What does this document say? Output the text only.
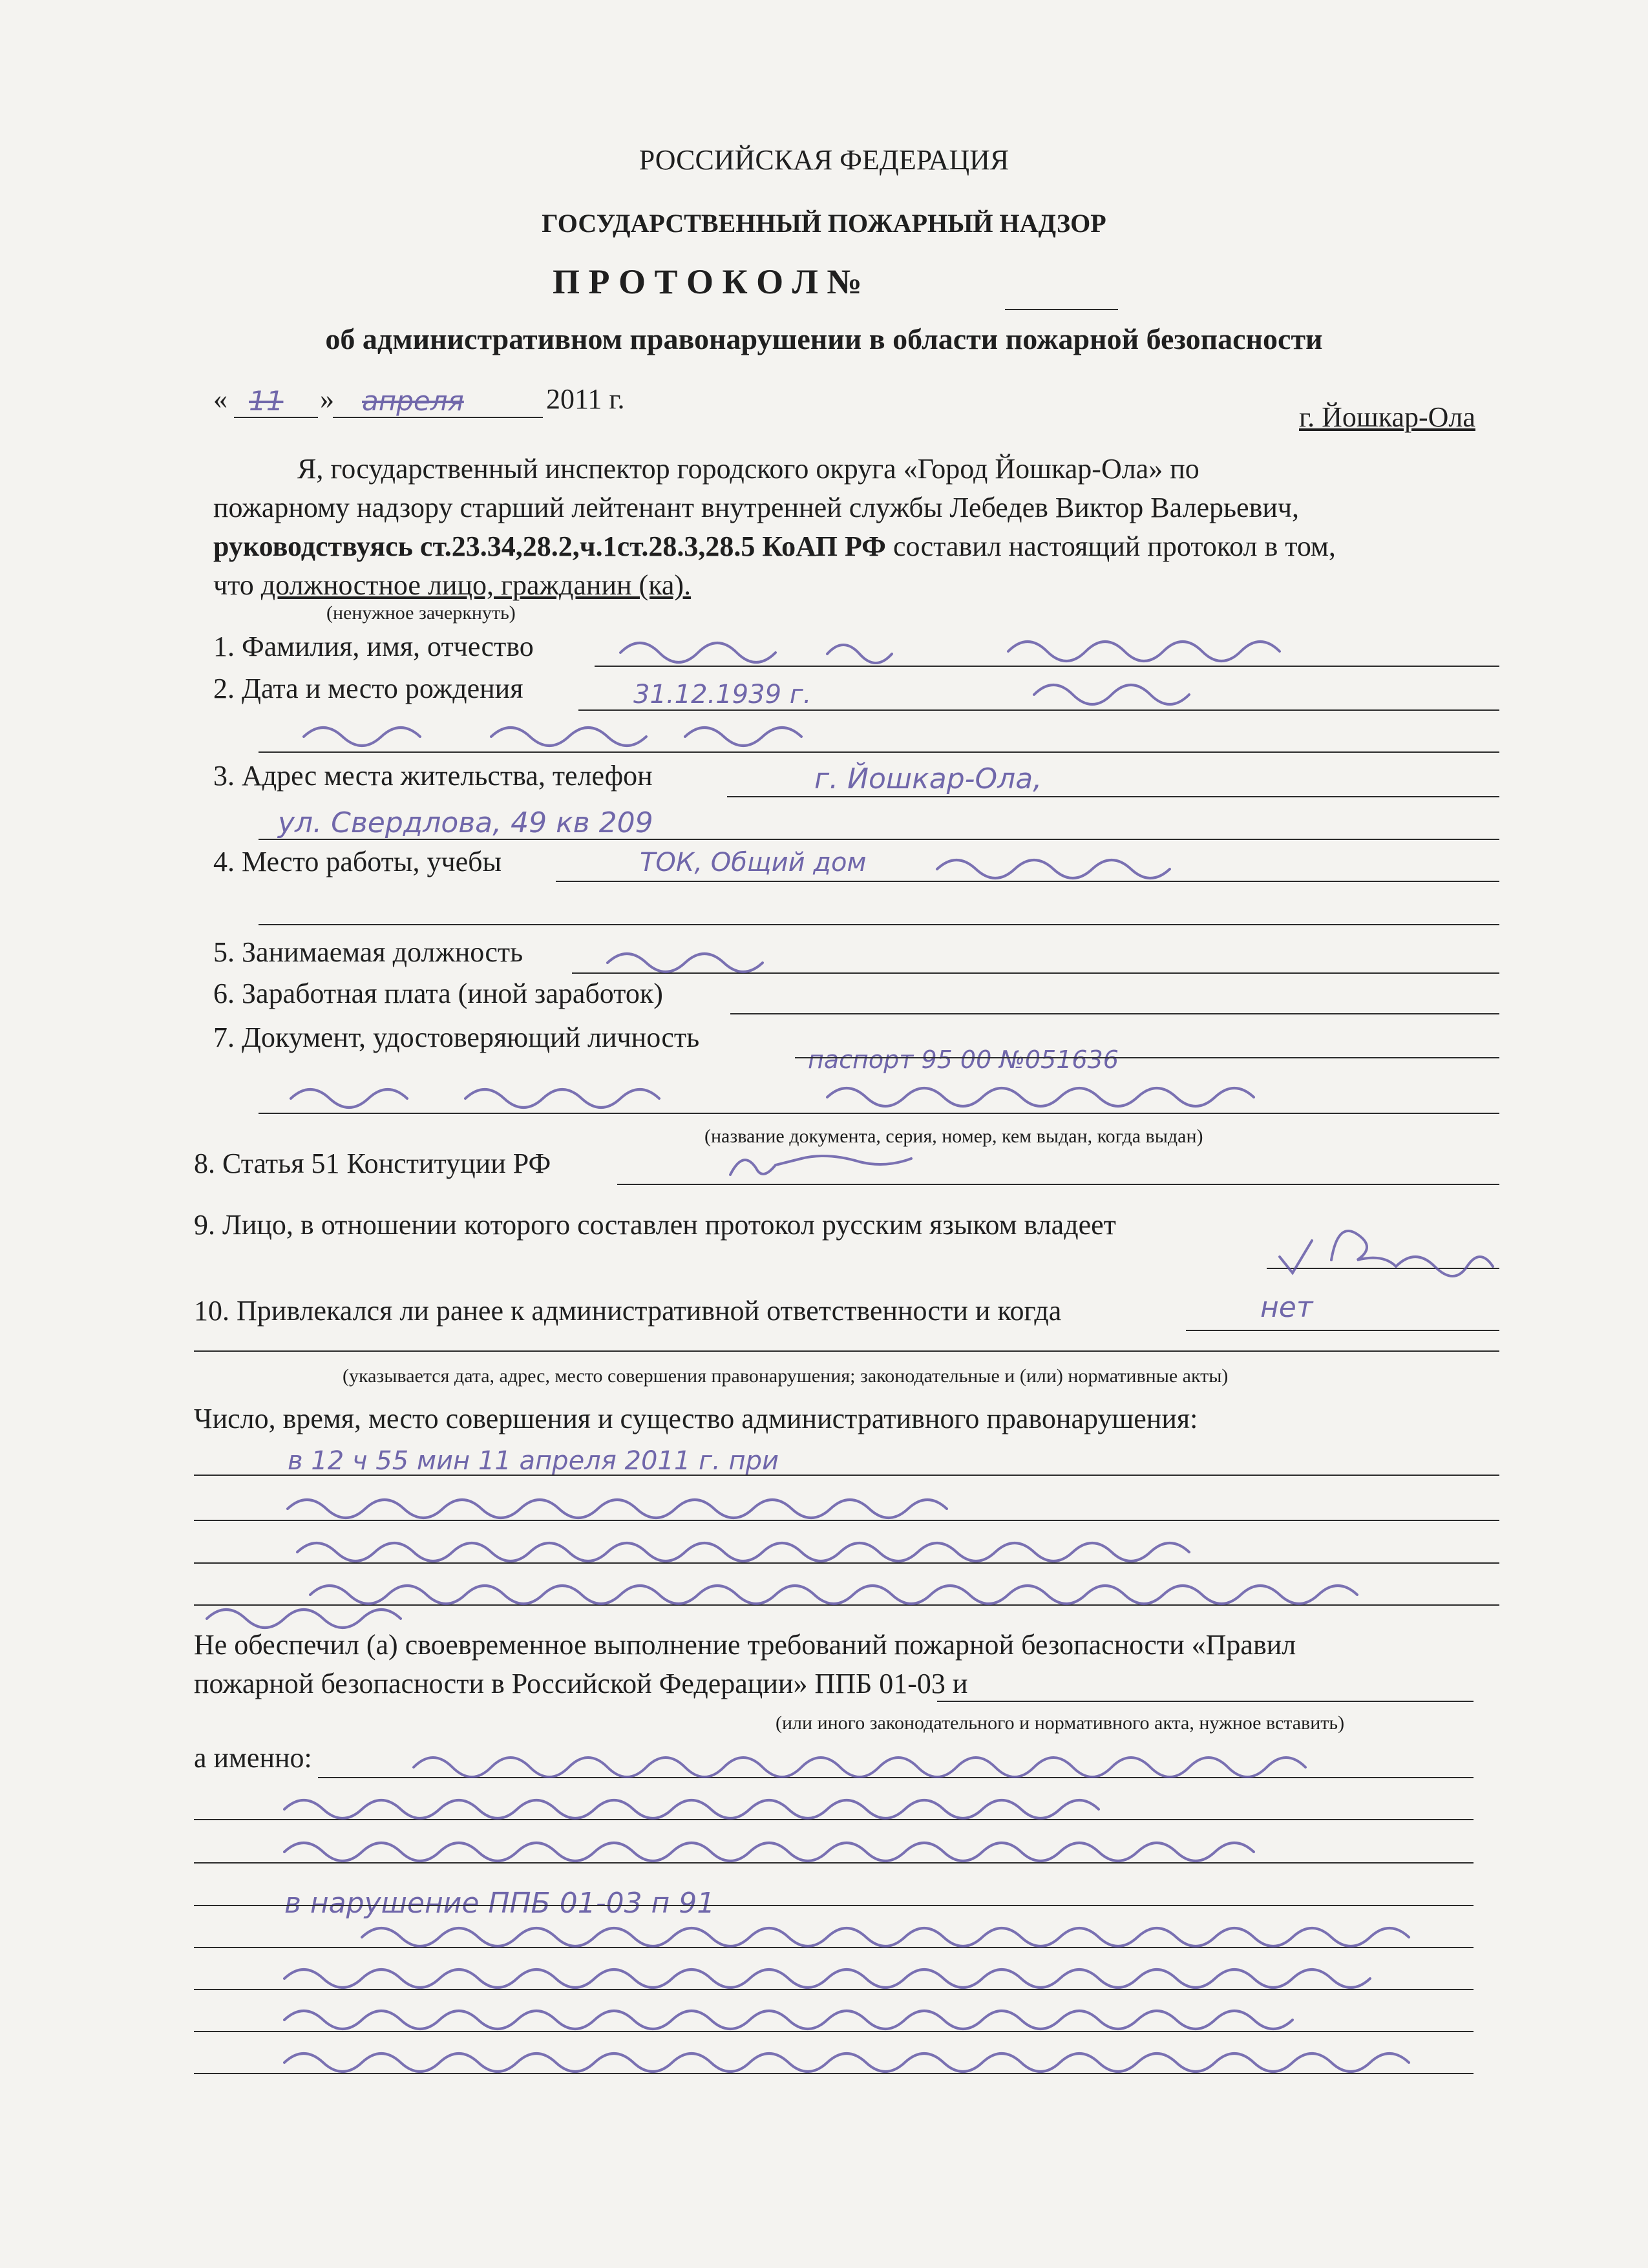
РОССИЙСКАЯ ФЕДЕРАЦИЯ
ГОСУДАРСТВЕННЫЙ ПОЖАРНЫЙ НАДЗОР
П Р О Т О К О Л №
об административном правонарушении в области пожарной безопасности
« 11 » апреля	2011 г.
г. Йошкар-Ола
Я, государственный инспектор городского округа «Город Йошкар-Ола» по
пожарному надзору старший лейтенант внутренней службы Лебедев Виктор Валерьевич,
руководствуясь ст.23.34,28.2,ч.1ст.28.3,28.5 КоАП РФ составил настоящий протокол в том,
что должностное лицо, гражданин (ка).
(ненужное зачеркнуть)
1. Фамилия, имя, отчество
2. Дата и место рождения	31.12.1939 г.
3. Адрес места жительства, телефон	г. Йошкар-Ола,
ул. Свердлова, 49 кв 209
4. Место работы, учебы	ТОК, Общий дом
5. Занимаемая должность
6. Заработная плата (иной заработок)
7. Документ, удостоверяющий личность
паспорт 95 00 №051636
(название документа, серия, номер, кем выдан, когда выдан)
8. Статья 51 Конституции РФ
9. Лицо, в отношении которого составлен протокол русским языком владеет
10. Привлекался ли ранее к административной ответственности и когда	нет
(указывается дата, адрес, место совершения правонарушения; законодательные и (или) нормативные акты)
Число, время, место совершения и существо административного правонарушения:
в 12 ч 55 мин 11 апреля 2011 г. при
Не обеспечил (а) своевременное выполнение требований пожарной безопасности «Правил
пожарной безопасности в Российской Федерации» ППБ 01-03 и
(или иного законодательного и нормативного акта, нужное вставить)
а именно:
в нарушение ППБ 01-03 п 91
